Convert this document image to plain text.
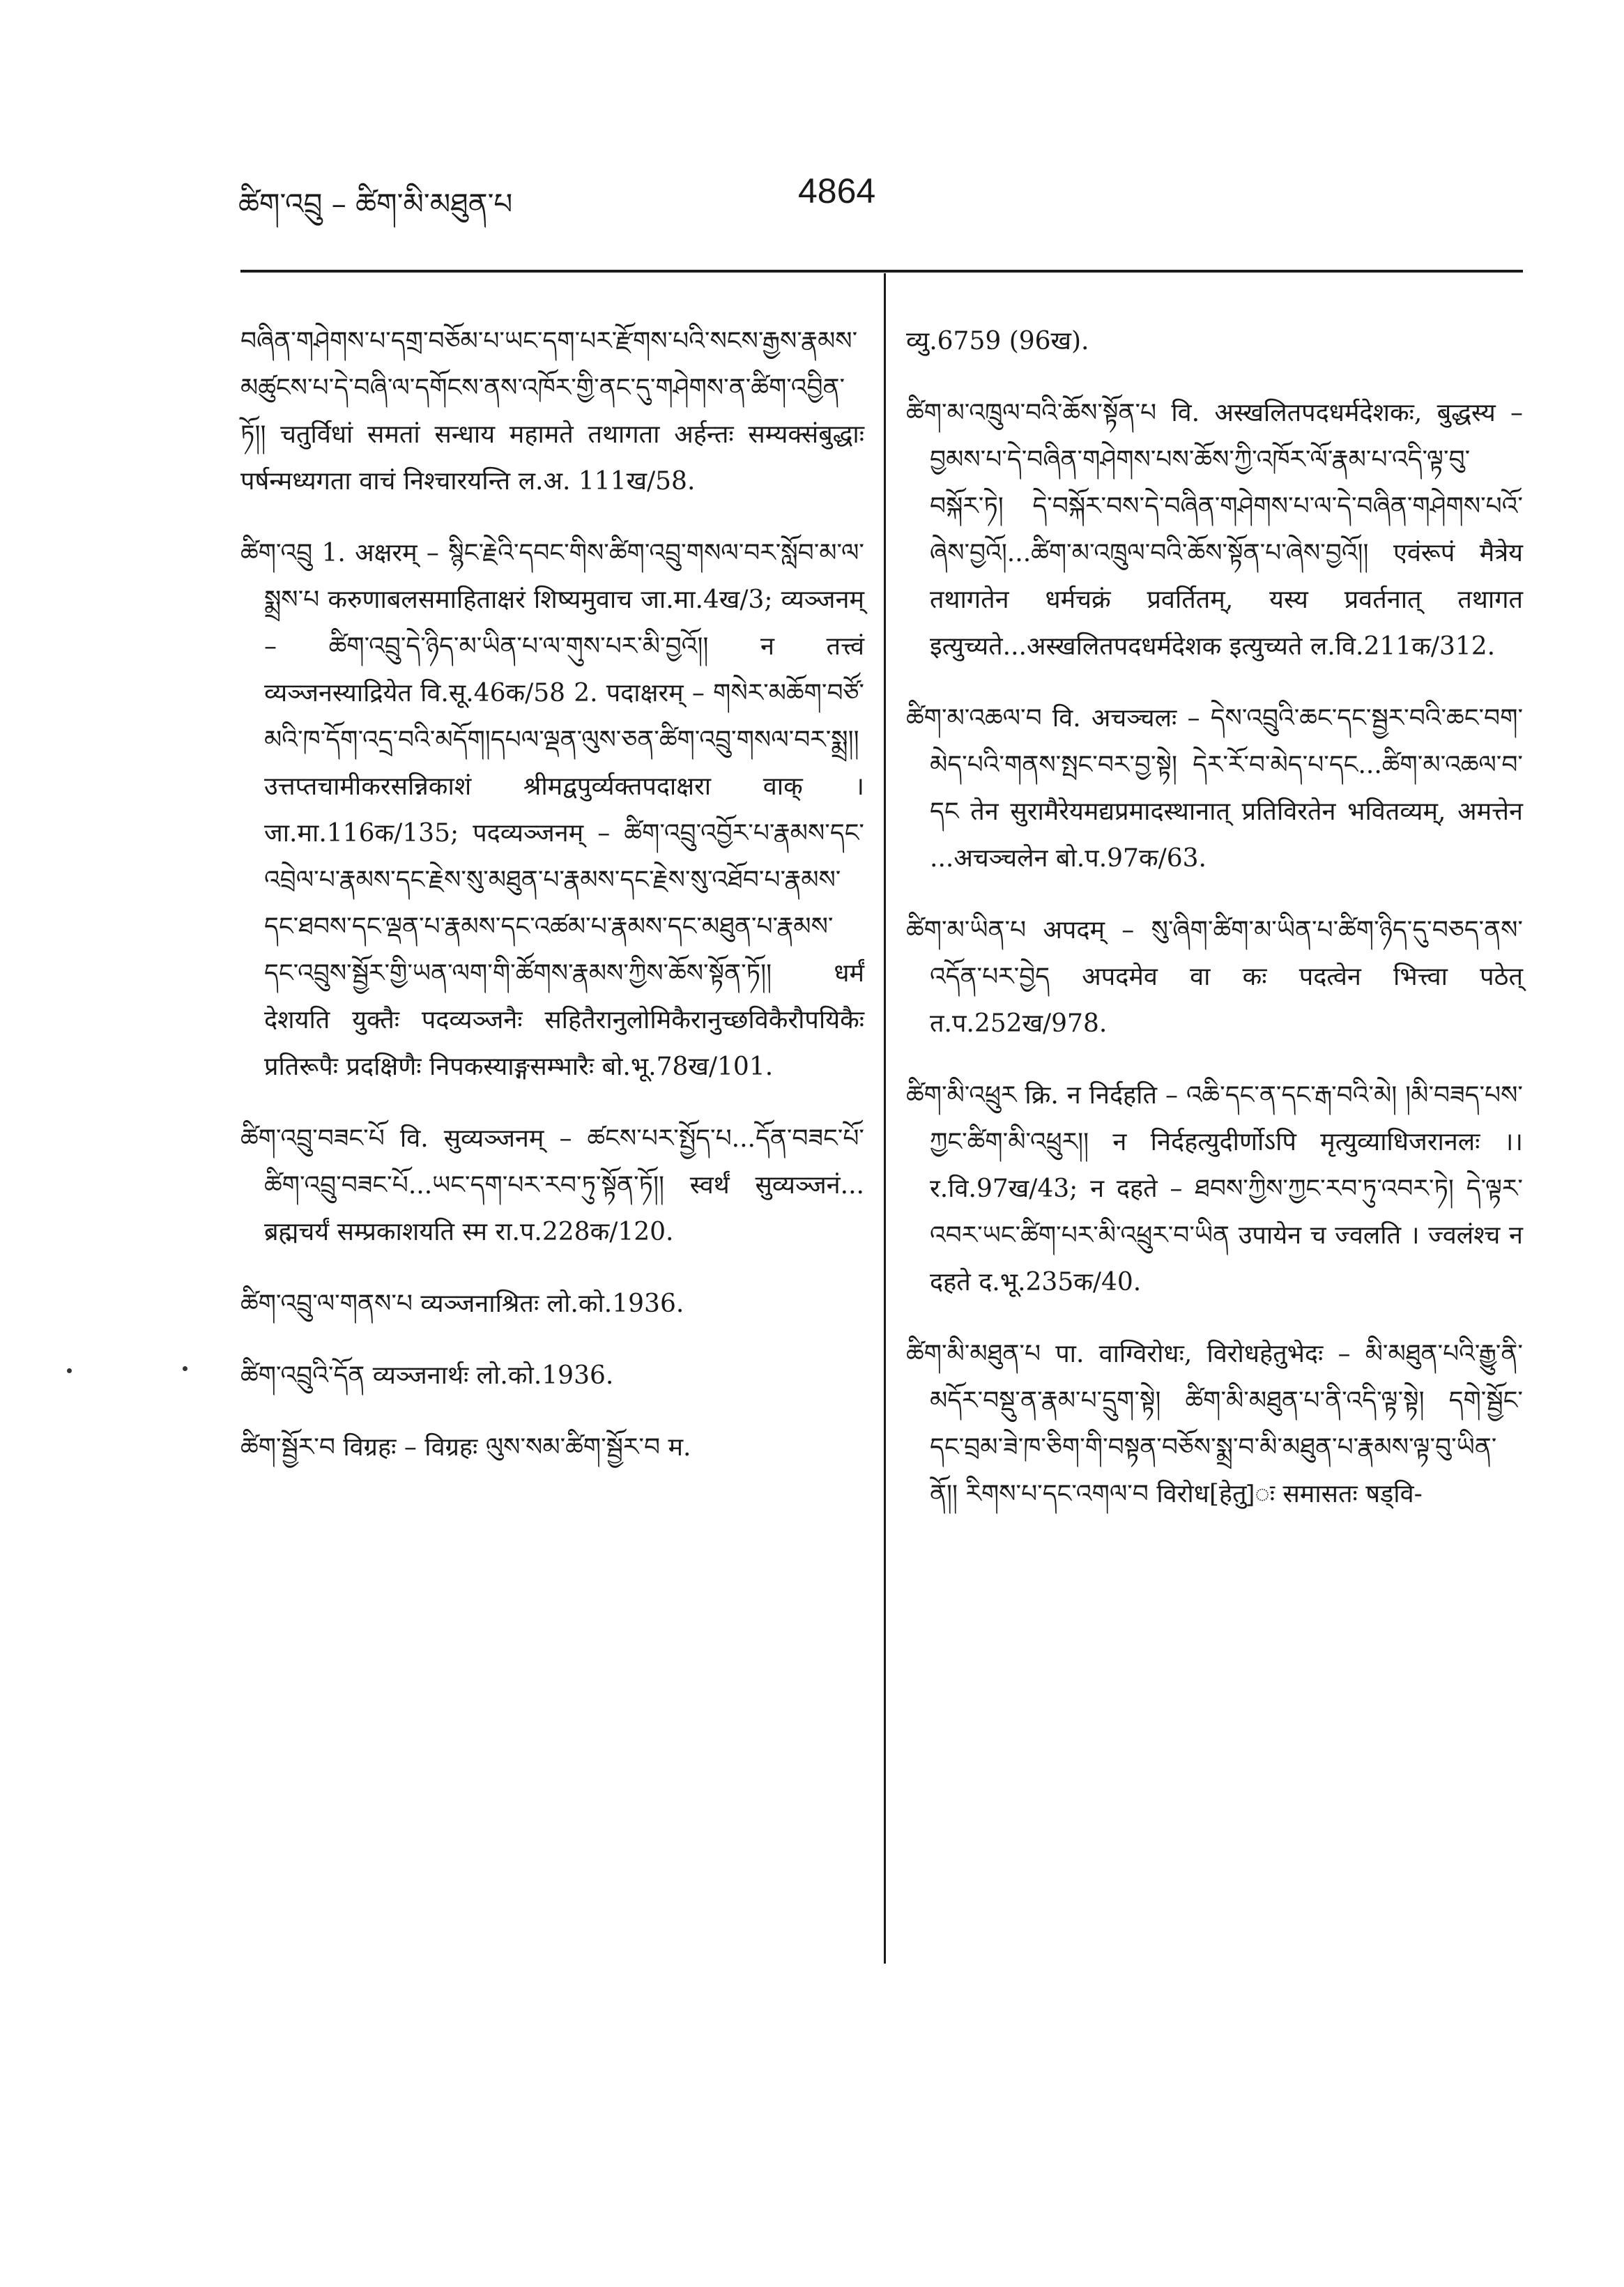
ཚིག་འབྲུ – ཚིག་མི་མཐུན་པ	4864

བཞིན་གཤེགས་པ་དགྲ་བཅོམ་པ་ཡང་དག་པར་རྫོགས་པའི་སངས་རྒྱས་རྣམས་མཚུངས་པ་དེ་བཞི་ལ་དགོངས་ནས་འཁོར་གྱི་ནང་དུ་གཤེགས་ན་ཚིག་འབྱིན་ཏོ།། चतुर्विधां समतां सन्धाय महामते तथागता अर्हन्तः सम्यक्संबुद्धाः पर्षन्मध्यगता वाचं निश्चारयन्ति ल.अ. 111ख/58.

ཚིག་འབྲུ 1. अक्षरम् – སྙིང་རྗེའི་དབང་གིས་ཚིག་འབྲུ་གསལ་བར་སློབ་མ་ལ་སྨྲས་པ करुणाबलसमाहिताक्षरं शिष्यमुवाच जा.मा.4ख/3; व्यञ्जनम् – ཚིག་འབྲུ་དེ་ཉིད་མ་ཡིན་པ་ལ་གུས་པར་མི་བྱའོ།། न तत्त्वं व्यञ्जनस्याद्रियेत वि.सू.46क/58 2. पदाक्षरम् – གསེར་མཆོག་བཙོ་མའི་ཁ་དོག་འདྲ་བའི་མདོག།དཔལ་ལྡན་ལུས་ཅན་ཚིག་འབྲུ་གསལ་བར་སྨྲ།། उत्तप्तचामीकरसन्निकाशं श्रीमद्वपुर्व्यक्तपदाक्षरा वाक् । जा.मा.116क/135; पदव्यञ्जनम् – ཚིག་འབྲུ་འབྱོར་པ་རྣམས་དང་འབྲེལ་པ་རྣམས་དང་རྗེས་སུ་མཐུན་པ་རྣམས་དང་རྗེས་སུ་འཐོབ་པ་རྣམས་དང་ཐབས་དང་ལྡན་པ་རྣམས་དང་འཚམ་པ་རྣམས་དང་མཐུན་པ་རྣམས་དང་འབྲུས་སྦྱོར་གྱི་ཡན་ལག་གི་ཚོགས་རྣམས་ཀྱིས་ཆོས་སྟོན་ཏོ།། धर्मं देशयति युक्तैः पदव्यञ्जनैः सहितैरानुलोमिकैरानुच्छविकैरौपयिकैः प्रतिरूपैः प्रदक्षिणैः निपकस्याङ्गसम्भारैः बो.भू.78ख/101.

ཚིག་འབྲུ་བཟང་པོ वि. सुव्यञ्जनम् – ཚངས་པར་སྤྱོད་པ...དོན་བཟང་པོ་ཚིག་འབྲུ་བཟང་པོ...ཡང་དག་པར་རབ་ཏུ་སྟོན་ཏོ།། स्वर्थं सुव्यञ्जनं... ब्रह्मचर्यं सम्प्रकाशयति स्म रा.प.228क/120.

ཚིག་འབྲུ་ལ་གནས་པ व्यञ्जनाश्रितः लो.को.1936.

ཚིག་འབྲུའི་དོན व्यञ्जनार्थः लो.को.1936.

ཚིག་སྦྱོར་བ विग्रहः – विग्रहः ལུས་སམ་ཚིག་སྦྱོར་བ म.

व्यु.6759 (96ख).

ཚིག་མ་འཁྲུལ་བའི་ཆོས་སྟོན་པ वि. अस्खलितपदधर्मदेशकः, बुद्धस्य – བྱམས་པ་དེ་བཞིན་གཤེགས་པས་ཆོས་ཀྱི་འཁོར་ལོ་རྣམ་པ་འདི་ལྟ་བུ་བསྐོར་ཏེ། དེ་བསྐོར་བས་དེ་བཞིན་གཤེགས་པ་ལ་དེ་བཞིན་གཤེགས་པའོ་ཞེས་བྱའོ།...ཚིག་མ་འཁྲུལ་བའི་ཆོས་སྟོན་པ་ཞེས་བྱའོ།། एवंरूपं मैत्रेय तथागतेन धर्मचक्रं प्रवर्तितम्, यस्य प्रवर्तनात् तथागत इत्युच्यते...अस्खलितपदधर्मदेशक इत्युच्यते ल.वि.211क/312.

ཚིག་མ་འཆལ་བ वि. अचञ्चलः – དེས་འབྲུའི་ཆང་དང་སྦྱར་བའི་ཆང་བག་མེད་པའི་གནས་སྤང་བར་བྱ་སྟེ། དེར་རོ་བ་མེད་པ་དང...ཚིག་མ་འཆལ་བ་དང तेन सुरामैरेयमद्यप्रमादस्थानात् प्रतिविरतेन भवितव्यम्, अमत्तेन ...अचञ्चलेन बो.प.97क/63.

ཚིག་མ་ཡིན་པ अपदम् – སུ་ཞིག་ཚིག་མ་ཡིན་པ་ཚིག་ཉིད་དུ་བཅད་ནས་འདོན་པར་བྱེད अपदमेव वा कः पदत्वेन भित्त्वा पठेत् त.प.252ख/978.

ཚིག་མི་འཕྲུར क्रि. न निर्दहति – འཆི་དང་ན་དང་རྒ་བའི་མེ། །མི་བཟད་པས་ཀྱང་ཚིག་མི་འཕྲུར།། न निर्दहत्युदीर्णोऽपि मृत्युव्याधिजरानलः ।। र.वि.97ख/43; न दहते – ཐབས་ཀྱིས་ཀྱང་རབ་ཏུ་འབར་ཏེ། དེ་ལྟར་འབར་ཡང་ཚིག་པར་མི་འཕྲུར་བ་ཡིན उपायेन च ज्वलति । ज्वलंश्च न दहते द.भू.235क/40.

ཚིག་མི་མཐུན་པ पा. वाग्विरोधः, विरोधहेतुभेदः – མི་མཐུན་པའི་རྒྱུ་ནི་མདོར་བསྡུ་ན་རྣམ་པ་དྲུག་སྟེ། ཚིག་མི་མཐུན་པ་ནི་འདི་ལྟ་སྟེ། དགེ་སྦྱོང་དང་བྲམ་ཟེ་ཁ་ཅིག་གི་བསྟན་བཅོས་སྨྲ་བ་མི་མཐུན་པ་རྣམས་ལྟ་བུ་ཡིན་ནོ།། རིགས་པ་དང་འགལ་བ विरोध[हेतु]ः समासतः षड्वि-
